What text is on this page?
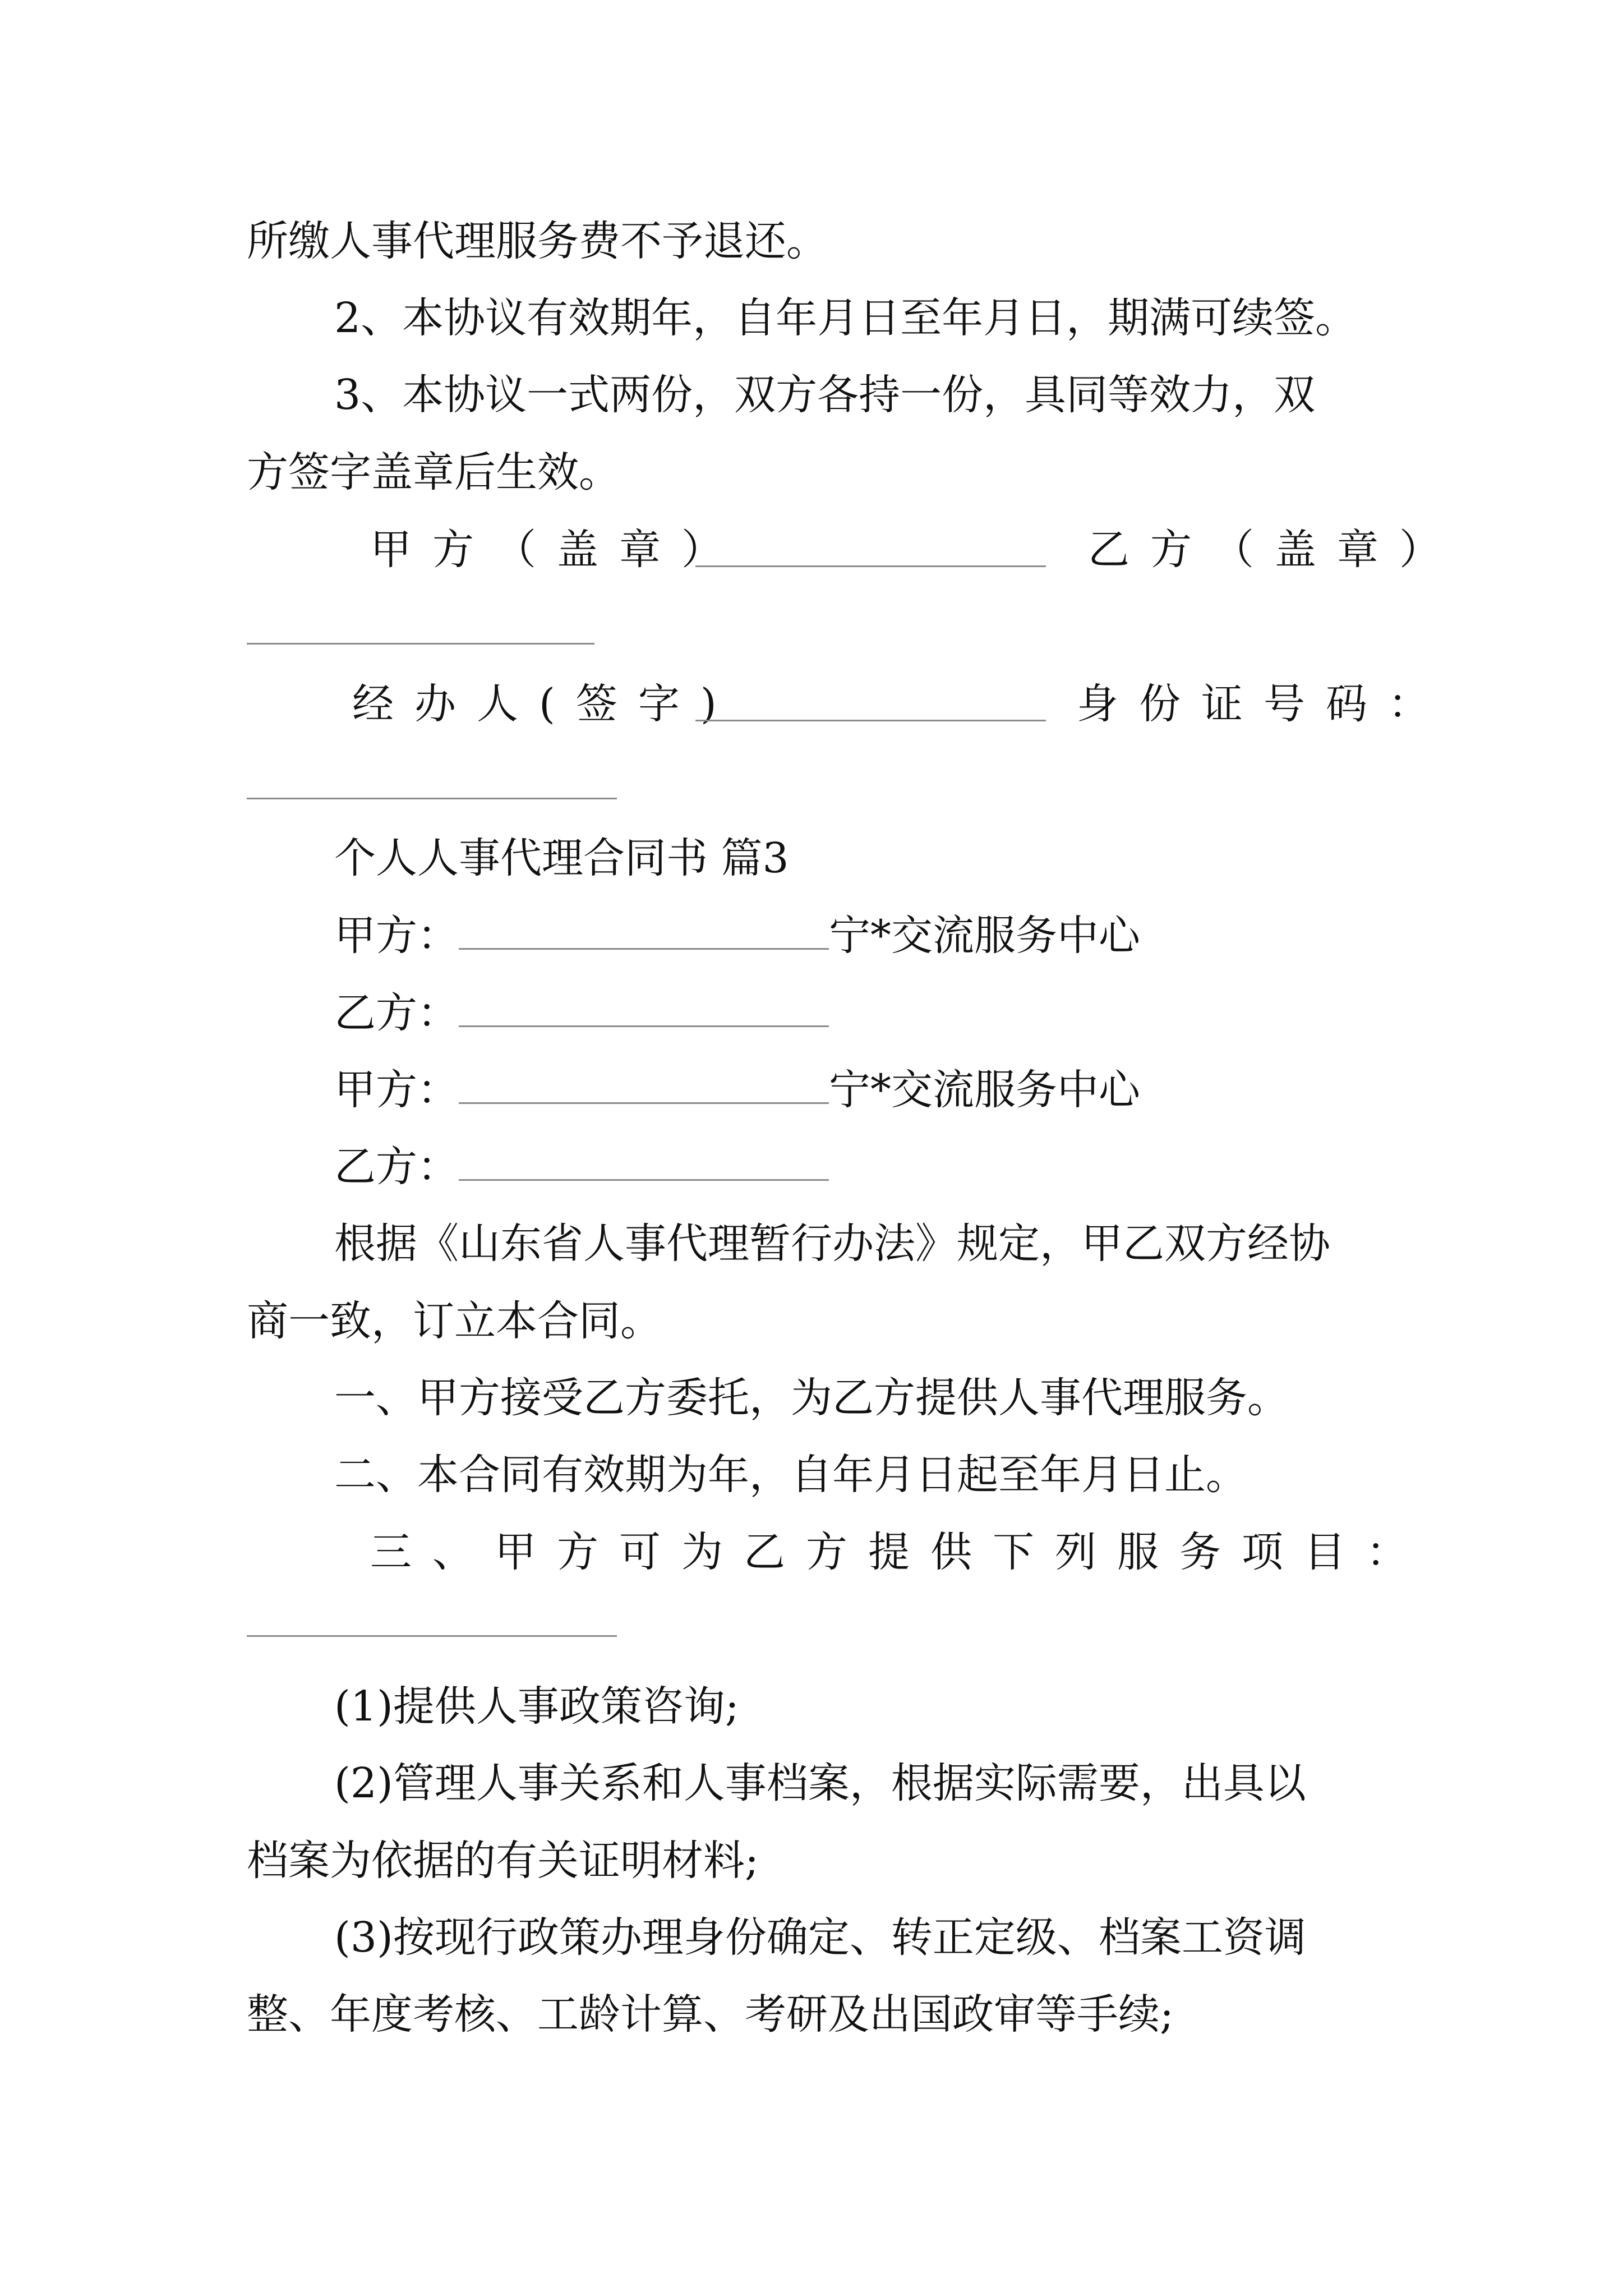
所缴人事代理服务费不予退还。
2、本协议有效期年，自年月日至年月日，期满可续签。
3、本协议一式两份，双方各持一份，具同等效力，双
方签字盖章后生效。
甲方（盖章）	乙方（盖章）
经办人(签字)	身份证号码：
个人人事代理合同书 篇3
甲方：	宁*交流服务中心
乙方：
甲方：	宁*交流服务中心
乙方：
根据《山东省人事代理暂行办法》规定，甲乙双方经协
商一致，订立本合同。
一、甲方接受乙方委托，为乙方提供人事代理服务。
二、本合同有效期为年，自年月日起至年月日止。
三、甲方可为乙方提供下列服务项目：
(1)提供人事政策咨询;
(2)管理人事关系和人事档案，根据实际需要，出具以
档案为依据的有关证明材料;
(3)按现行政策办理身份确定、转正定级、档案工资调
整、年度考核、工龄计算、考研及出国政审等手续;
